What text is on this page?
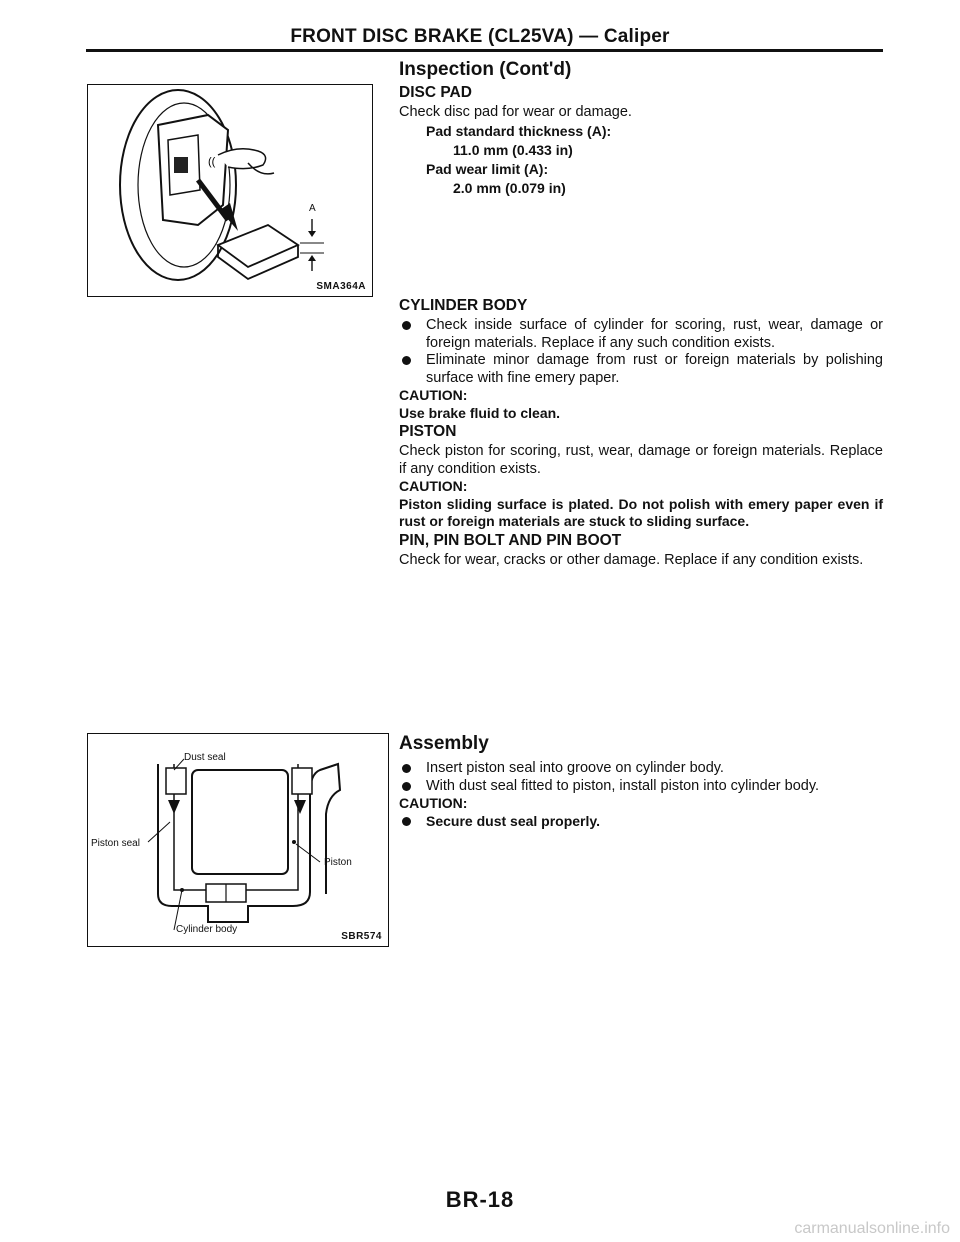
FRONT DISC BRAKE (CL25VA) — Caliper
((
A
SMA364A
Dust seal
Piston seal
Piston
Cylinder body
SBR574

Inspection (Cont'd)

DISC PAD

Check disc pad for wear or damage.

Pad standard thickness (A):
11.0 mm (0.433 in)
Pad wear limit (A):
2.0 mm (0.079 in)

CYLINDER BODY

Check inside surface of cylinder for scoring, rust, wear, damage or foreign materials. Replace if any such condition exists.
Eliminate minor damage from rust or foreign materials by polishing surface with fine emery paper.

CAUTION:

Use brake fluid to clean.

PISTON

Check piston for scoring, rust, wear, damage or foreign materials. Replace if any condition exists.

CAUTION:

Piston sliding surface is plated. Do not polish with emery paper even if rust or foreign materials are stuck to sliding surface.

PIN, PIN BOLT AND PIN BOOT

Check for wear, cracks or other damage. Replace if any condition exists.

Assembly

Insert piston seal into groove on cylinder body.
With dust seal fitted to piston, install piston into cylinder body.

CAUTION:

Secure dust seal properly.
BR-18
carmanualsonline.info
